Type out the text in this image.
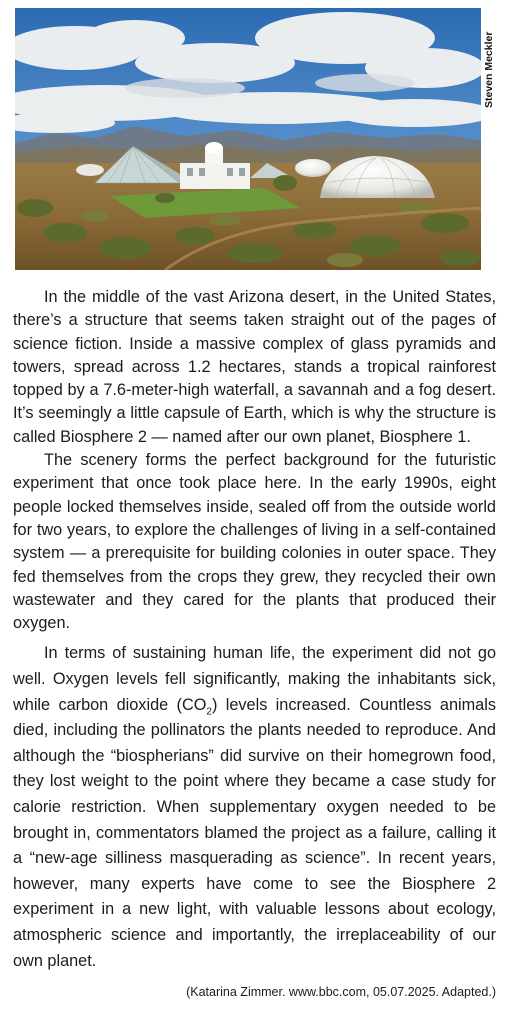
Steven Meckler

In the middle of the vast Arizona desert, in the United States, there’s a structure that seems taken straight out of the pages of science fiction. Inside a massive complex of glass pyramids and towers, spread across 1.2 hectares, stands a tropical rainforest topped by a 7.6-meter-high waterfall, a savannah and a fog desert. It’s seemingly a little capsule of Earth, which is why the structure is called Biosphere 2 — named after our own planet, Biosphere 1.

The scenery forms the perfect background for the futuristic experiment that once took place here. In the early 1990s, eight people locked themselves inside, sealed off from the outside world for two years, to explore the challenges of living in a self-contained system — a prerequisite for building colonies in outer space. They fed themselves from the crops they grew, they recycled their own wastewater and they cared for the plants that produced their oxygen.

In terms of sustaining human life, the experiment did not go well. Oxygen levels fell significantly, making the inhabitants sick, while carbon dioxide $(CO_2)$ levels increased. Countless animals died, including the pollinators the plants needed to reproduce. And although the “biospherians” did survive on their homegrown food, they lost weight to the point where they became a case study for calorie restriction. When supplementary oxygen needed to be brought in, commentators blamed the project as a failure, calling it a “new-age silliness masquerading as science”. In recent years, however, many experts have come to see the Biosphere 2 experiment in a new light, with valuable lessons about ecology, atmospheric science and importantly, the irreplaceability of our own planet.

(Katarina Zimmer. www.bbc.com, 05.07.2025. Adapted.)
